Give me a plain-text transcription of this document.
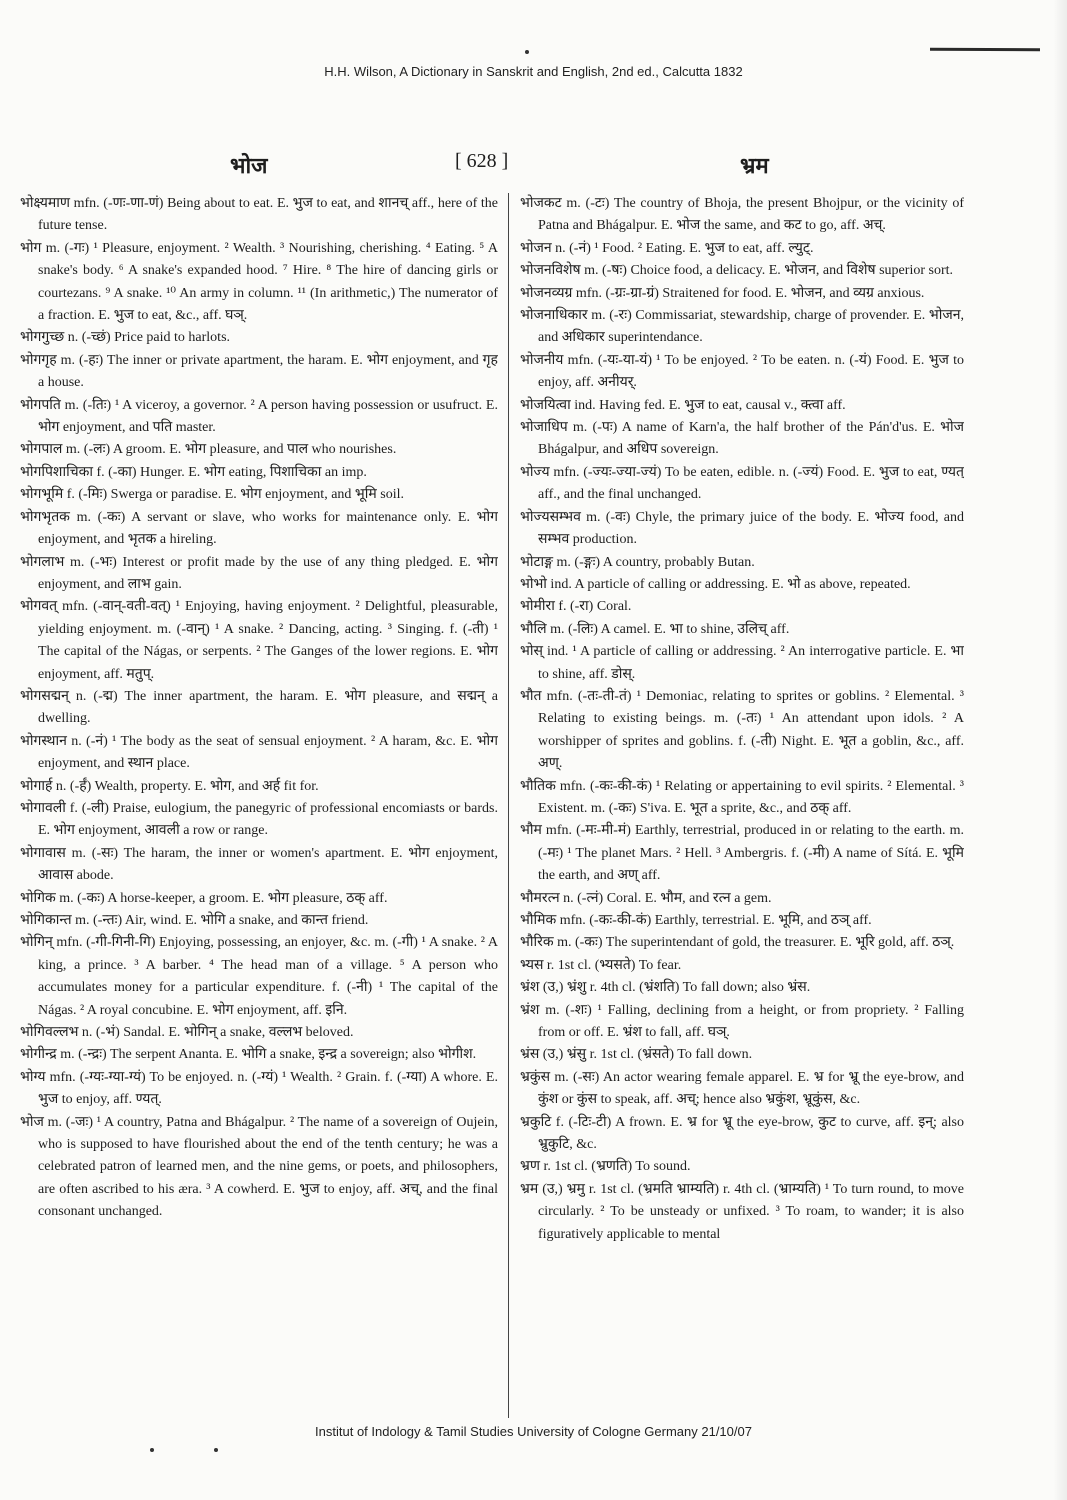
H.H. Wilson, A Dictionary in Sanskrit and English, 2nd ed., Calcutta 1832
भोज	[ 628 ]	भ्रम

भोक्ष्यमाण mfn. (-णः-णा-णं) Being about to eat. E. भुज to eat, and शानच् aff., here of the future tense.

भोग m. (-गः) ¹ Pleasure, enjoyment. ² Wealth. ³ Nourishing, cherishing. ⁴ Eating. ⁵ A snake's body. ⁶ A snake's expanded hood. ⁷ Hire. ⁸ The hire of dancing girls or courtezans. ⁹ A snake. ¹⁰ An army in column. ¹¹ (In arithmetic,) The numerator of a fraction. E. भुज to eat, &c., aff. घञ्.

भोगगुच्छ n. (-च्छं) Price paid to harlots.

भोगगृह m. (-हः) The inner or private apartment, the haram. E. भोग enjoyment, and गृह a house.

भोगपति m. (-तिः) ¹ A viceroy, a governor. ² A person having possession or usufruct. E. भोग enjoyment, and पति master.

भोगपाल m. (-लः) A groom. E. भोग pleasure, and पाल who nourishes.

भोगपिशाचिका f. (-का) Hunger. E. भोग eating, पिशाचिका an imp.

भोगभूमि f. (-मिः) Swerga or paradise. E. भोग enjoyment, and भूमि soil.

भोगभृतक m. (-कः) A servant or slave, who works for maintenance only. E. भोग enjoyment, and भृतक a hireling.

भोगलाभ m. (-भः) Interest or profit made by the use of any thing pledged. E. भोग enjoyment, and लाभ gain.

भोगवत् mfn. (-वान्-वती-वत्) ¹ Enjoying, having enjoyment. ² Delightful, pleasurable, yielding enjoyment. m. (-वान्) ¹ A snake. ² Dancing, acting. ³ Singing. f. (-ती) ¹ The capital of the Nágas, or serpents. ² The Ganges of the lower regions. E. भोग enjoyment, aff. मतुप्.

भोगसद्मन् n. (-द्म) The inner apartment, the haram. E. भोग pleasure, and सद्मन् a dwelling.

भोगस्थान n. (-नं) ¹ The body as the seat of sensual enjoyment. ² A haram, &c. E. भोग enjoyment, and स्थान place.

भोगार्ह n. (-र्हं) Wealth, property. E. भोग, and अर्ह fit for.

भोगावली f. (-ली) Praise, eulogium, the panegyric of professional encomiasts or bards. E. भोग enjoyment, आवली a row or range.

भोगावास m. (-सः) The haram, the inner or women's apartment. E. भोग enjoyment, आवास abode.

भोगिक m. (-कः) A horse-keeper, a groom. E. भोग pleasure, ठक् aff.

भोगिकान्त m. (-न्तः) Air, wind. E. भोगि a snake, and कान्त friend.

भोगिन् mfn. (-गी-गिनी-गि) Enjoying, possessing, an enjoyer, &c. m. (-गी) ¹ A snake. ² A king, a prince. ³ A barber. ⁴ The head man of a village. ⁵ A person who accumulates money for a particular expenditure. f. (-नी) ¹ The capital of the Nágas. ² A royal concubine. E. भोग enjoyment, aff. इनि.

भोगिवल्लभ n. (-भं) Sandal. E. भोगिन् a snake, वल्लभ beloved.

भोगीन्द्र m. (-न्द्रः) The serpent Ananta. E. भोगि a snake, इन्द्र a sovereign; also भोगीश.

भोग्य mfn. (-ग्यः-ग्या-ग्यं) To be enjoyed. n. (-ग्यं) ¹ Wealth. ² Grain. f. (-ग्या) A whore. E. भुज to enjoy, aff. ण्यत्.

भोज m. (-जः) ¹ A country, Patna and Bhágalpur. ² The name of a sovereign of Oujein, who is supposed to have flourished about the end of the tenth century; he was a celebrated patron of learned men, and the nine gems, or poets, and philosophers, are often ascribed to his æra. ³ A cowherd. E. भुज to enjoy, aff. अच्, and the final consonant unchanged.

भोजकट m. (-टः) The country of Bhoja, the present Bhojpur, or the vicinity of Patna and Bhágalpur. E. भोज the same, and कट to go, aff. अच्.

भोजन n. (-नं) ¹ Food. ² Eating. E. भुज to eat, aff. ल्युट्.

भोजनविशेष m. (-षः) Choice food, a delicacy. E. भोजन, and विशेष superior sort.

भोजनव्यग्र mfn. (-ग्रः-ग्रा-ग्रं) Straitened for food. E. भोजन, and व्यग्र anxious.

भोजनाधिकार m. (-रः) Commissariat, stewardship, charge of provender. E. भोजन, and अधिकार superintendance.

भोजनीय mfn. (-यः-या-यं) ¹ To be enjoyed. ² To be eaten. n. (-यं) Food. E. भुज to enjoy, aff. अनीयर्.

भोजयित्वा ind. Having fed. E. भुज to eat, causal v., क्त्वा aff.

भोजाधिप m. (-पः) A name of Karn'a, the half brother of the Pán'd'us. E. भोज Bhágalpur, and अधिप sovereign.

भोज्य mfn. (-ज्यः-ज्या-ज्यं) To be eaten, edible. n. (-ज्यं) Food. E. भुज to eat, ण्यत् aff., and the final unchanged.

भोज्यसम्भव m. (-वः) Chyle, the primary juice of the body. E. भोज्य food, and सम्भव production.

भोटाङ्ग m. (-ङ्गः) A country, probably Butan.

भोभो ind. A particle of calling or addressing. E. भो as above, repeated.

भोमीरा f. (-रा) Coral.

भौलि m. (-लिः) A camel. E. भा to shine, उलिच् aff.

भोस् ind. ¹ A particle of calling or addressing. ² An interrogative particle. E. भा to shine, aff. डोस्.

भौत mfn. (-तः-ती-तं) ¹ Demoniac, relating to sprites or goblins. ² Elemental. ³ Relating to existing beings. m. (-तः) ¹ An attendant upon idols. ² A worshipper of sprites and goblins. f. (-ती) Night. E. भूत a goblin, &c., aff. अण्.

भौतिक mfn. (-कः-की-कं) ¹ Relating or appertaining to evil spirits. ² Elemental. ³ Existent. m. (-कः) S'iva. E. भूत a sprite, &c., and ठक् aff.

भौम mfn. (-मः-मी-मं) Earthly, terrestrial, produced in or relating to the earth. m. (-मः) ¹ The planet Mars. ² Hell. ³ Ambergris. f. (-मी) A name of Sítá. E. भूमि the earth, and अण् aff.

भौमरत्न n. (-त्नं) Coral. E. भौम, and रत्न a gem.

भौमिक mfn. (-कः-की-कं) Earthly, terrestrial. E. भूमि, and ठञ् aff.

भौरिक m. (-कः) The superintendant of gold, the treasurer. E. भूरि gold, aff. ठञ्.

भ्यस r. 1st cl. (भ्यसते) To fear.

भ्रंश (उ,) भ्रंशु r. 4th cl. (भ्रंशति) To fall down; also भ्रंस.

भ्रंश m. (-शः) ¹ Falling, declining from a height, or from propriety. ² Falling from or off. E. भ्रंश to fall, aff. घञ्.

भ्रंस (उ,) भ्रंसु r. 1st cl. (भ्रंसते) To fall down.

भ्रकुंस m. (-सः) An actor wearing female apparel. E. भ्र for भ्रू the eye-brow, and कुंश or कुंस to speak, aff. अच्; hence also भ्रकुंश, भ्रूकुंस, &c.

भ्रकुटि f. (-टिः-टी) A frown. E. भ्र for भ्रू the eye-brow, कुट to curve, aff. इन्; also भ्रुकुटि, &c.

भ्रण r. 1st cl. (भ्रणति) To sound.

भ्रम (उ,) भ्रमु r. 1st cl. (भ्रमति भ्राम्यति) r. 4th cl. (भ्राम्यति) ¹ To turn round, to move circularly. ² To be unsteady or unfixed. ³ To roam, to wander; it is also figuratively applicable to mental

Institut of Indology & Tamil Studies University of Cologne Germany 21/10/07
